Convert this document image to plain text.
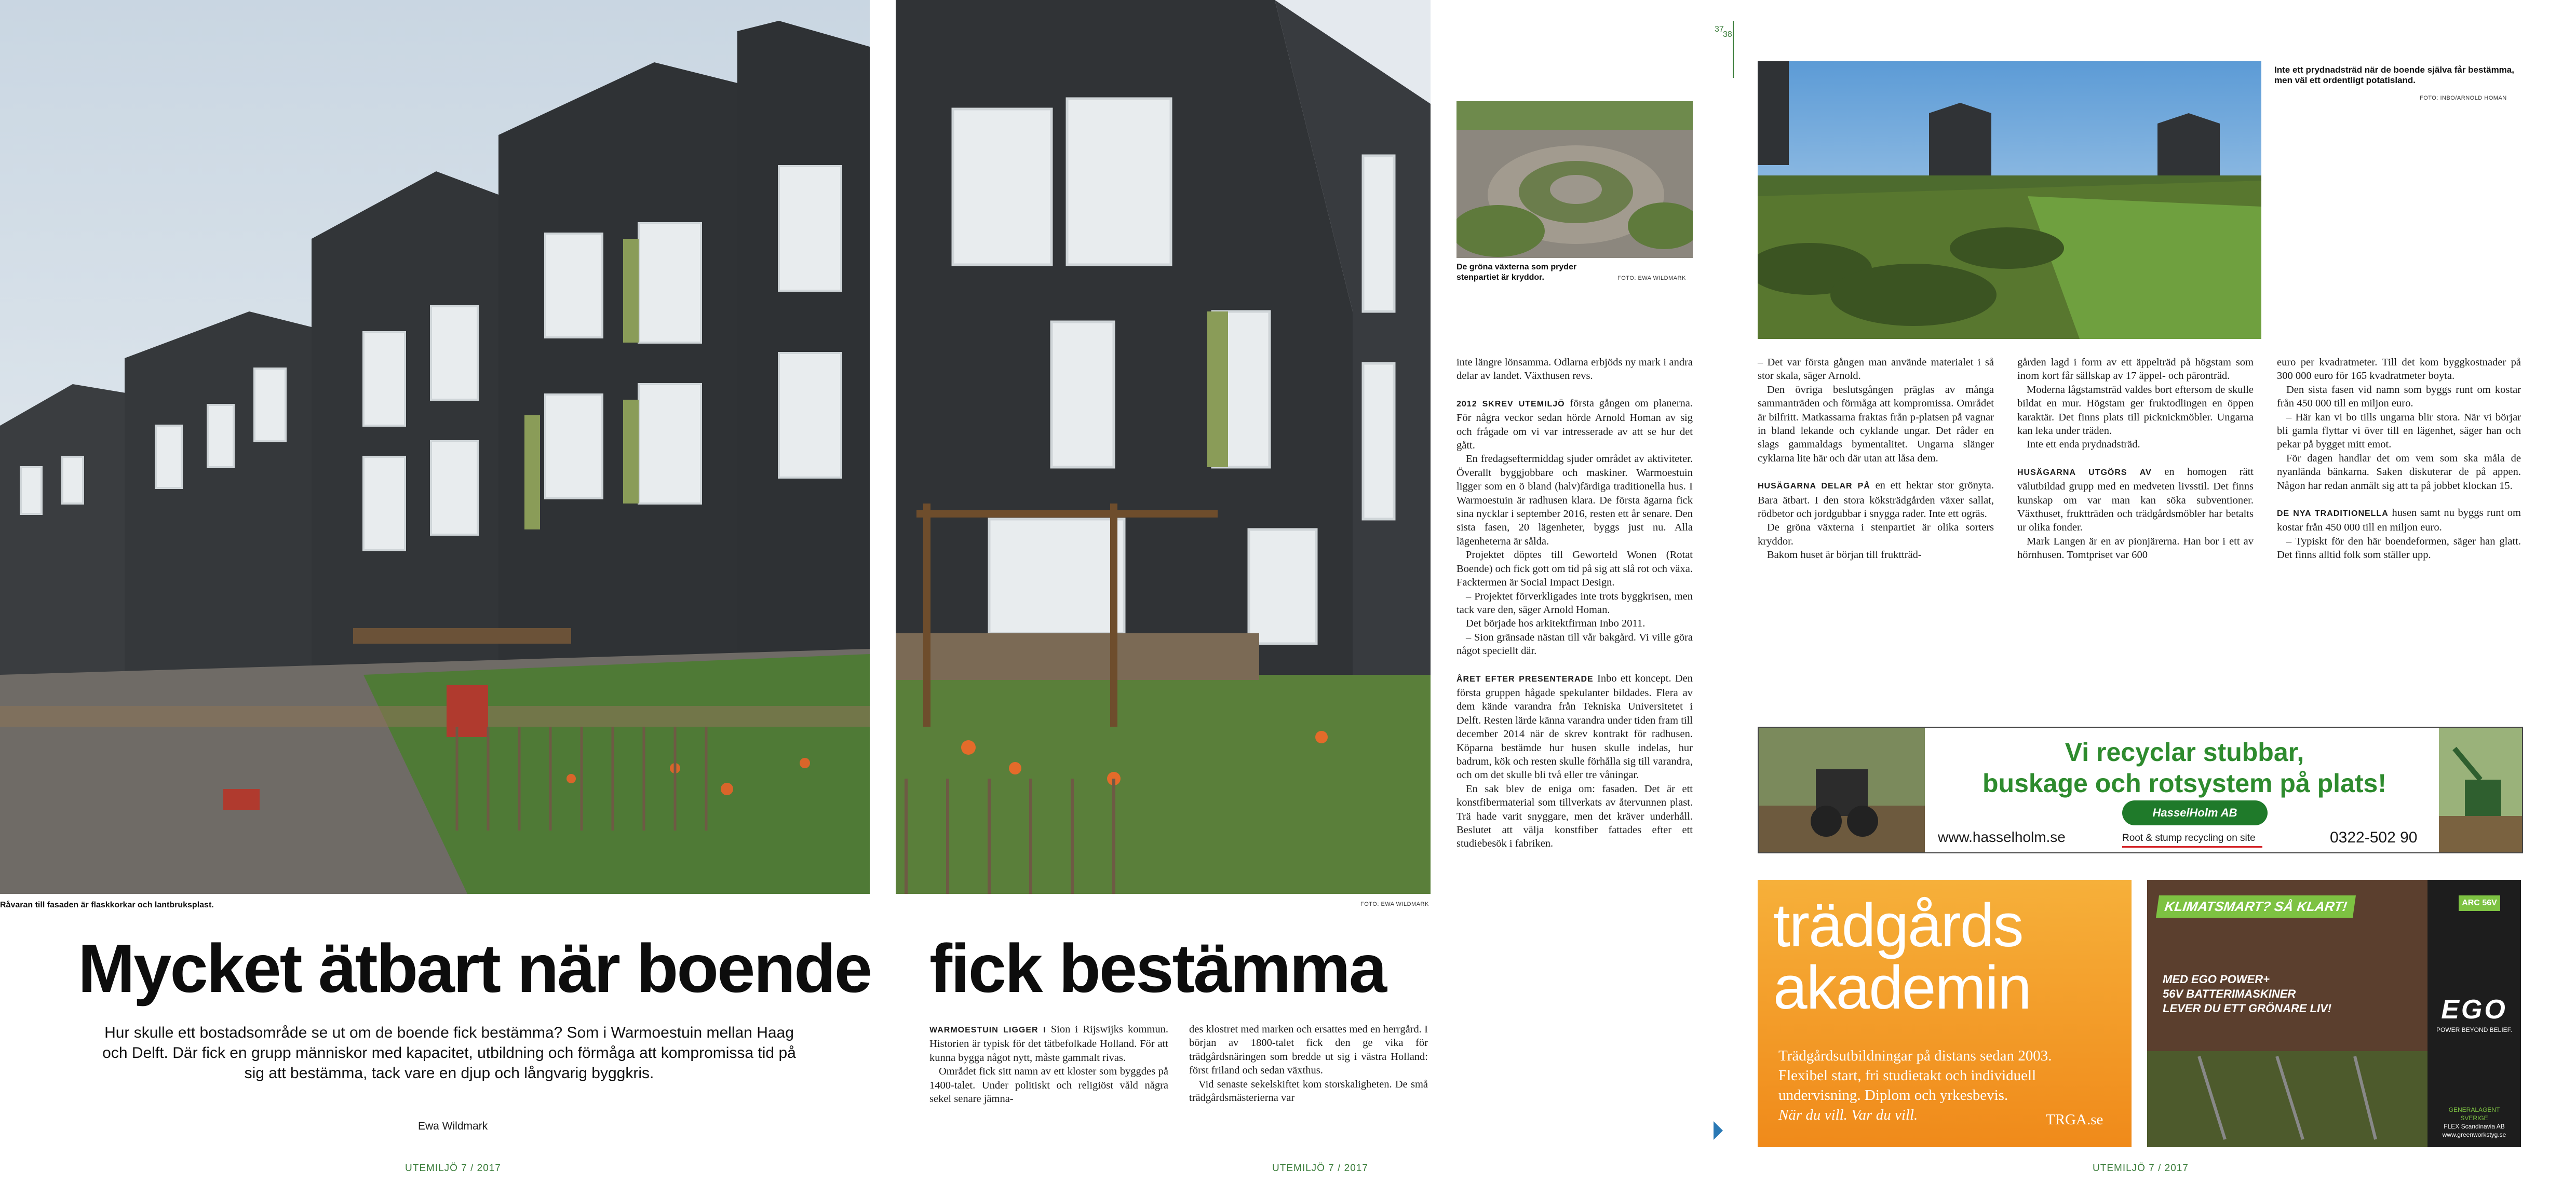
Råvaran till fasaden är flaskkorkar och lantbruksplast.	FOTO: EWA WILDMARK
Mycket ätbart när boende fick bestämma
Hur skulle ett bostadsområde se ut om de boende fick bestämma? Som i Warmoestuin mellan Haag och Delft. Där fick en grupp människor med kapacitet, utbildning och förmåga att kompromissa tid på sig att bestämma, tack vare en djup och långvarig byggkris.
Ewa Wildmark

WARMOESTUIN LIGGER I Sion i Rijswijks kommun. Historien är typisk för det tätbefolkade Holland. För att kunna bygga något nytt, måste gammalt rivas.

Området fick sitt namn av ett kloster som byggdes på 1400-talet. Under politiskt och religiöst våld några sekel senare jämna-

des klostret med marken och ersattes med en herrgård. I början av 1800-talet fick den ge vika för trädgårdsnäringen som bredde ut sig i västra Holland: först friland och sedan växthus.

Vid senaste sekelskiftet kom storskaligheten. De små trädgårdsmästerierna var

UTEMILJÖ 7 / 2017	UTEMILJÖ 7 / 2017
De gröna växterna som pryder stenpartiet är kryddor.	FOTO: EWA WILDMARK
37
38

inte längre lönsamma. Odlarna erbjöds ny mark i andra delar av landet. Växthusen revs.

2012 SKREV UTEMILJÖ första gången om planerna. För några veckor sedan hörde Arnold Homan av sig och frågade om vi var intresserade av att se hur det gått.

En fredagseftermiddag sjuder området av aktiviteter. Överallt byggjobbare och maskiner. Warmoestuin ligger som en ö bland (halv)färdiga traditionella hus. I Warmoestuin är radhusen klara. De första ägarna fick sina nycklar i september 2016, resten ett år senare. Den sista fasen, 20 lägenheter, byggs just nu. Alla lägenheterna är sålda.

Projektet döptes till Geworteld Wonen (Rotat Boende) och fick gott om tid på sig att slå rot och växa. Facktermen är Social Impact Design.

– Projektet förverkligades inte trots byggkrisen, men tack vare den, säger Arnold Homan.

Det började hos arkitektfirman Inbo 2011.

– Sion gränsade nästan till vår bakgård. Vi ville göra något speciellt där.

ÅRET EFTER PRESENTERADE Inbo ett koncept. Den första gruppen hågade spekulanter bildades. Flera av dem kände varandra från Tekniska Universitetet i Delft. Resten lärde känna varandra under tiden fram till december 2014 när de skrev kontrakt för radhusen. Köparna bestämde hur husen skulle indelas, hur badrum, kök och resten skulle förhålla sig till varandra, och om det skulle bli två eller tre våningar.

En sak blev de eniga om: fasaden. Det är ett konstfibermaterial som tillverkats av återvunnen plast. Trä hade varit snyggare, men det kräver underhåll. Beslutet att välja konstfiber fattades efter ett studiebesök i fabriken.

Inte ett prydnadsträd när de boende själva får bestämma, men väl ett ordentligt potatisland.
FOTO: INBO/ARNOLD HOMAN

– Det var första gången man använde materialet i så stor skala, säger Arnold.

Den övriga beslutsgången präglas av många sammanträden och förmåga att kompromissa. Området är bilfritt. Matkassarna fraktas från p-platsen på vagnar in bland lekande och cyklande ungar. Det råder en slags gammaldags bymentalitet. Ungarna slänger cyklarna lite här och där utan att låsa dem.

HUSÄGARNA DELAR PÅ en ett hektar stor grönyta. Bara ätbart. I den stora köksträdgården växer sallat, rödbetor och jordgubbar i snygga rader. Inte ett ogräs.

De gröna växterna i stenpartiet är olika sorters kryddor.

Bakom huset är början till fruktträd-

gården lagd i form av ett äppelträd på högstam som inom kort får sällskap av 17 äppel- och päronträd.

Moderna lågstamsträd valdes bort eftersom de skulle bildat en mur. Högstam ger fruktodlingen en öppen karaktär. Det finns plats till picknickmöbler. Ungarna kan leka under träden.

Inte ett enda prydnadsträd.

HUSÄGARNA UTGÖRS AV en homogen rätt välutbildad grupp med en medveten livsstil. Det finns kunskap om var man kan söka subventioner. Växthuset, fruktträden och trädgårdsmöbler har betalts ur olika fonder.

Mark Langen är en av pionjärerna. Han bor i ett av hörnhusen. Tomtpriset var 600

euro per kvadratmeter. Till det kom byggkostnader på 300 000 euro för 165 kvadratmeter boyta.

Den sista fasen vid namn som byggs runt om kostar från 450 000 till en miljon euro.

– Här kan vi bo tills ungarna blir stora. När vi börjar bli gamla flyttar vi över till en lägenhet, säger han och pekar på bygget mitt emot.

För dagen handlar det om vem som ska måla de nyanlända bänkarna. Saken diskuterar de på appen. Någon har redan anmält sig att ta på jobbet klockan 15.

DE NYA TRADITIONELLA husen samt nu byggs runt om kostar från 450 000 till en miljon euro.

– Typiskt för den här boendeformen, säger han glatt. Det finns alltid folk som ställer upp.

Vi recyclar stubbar,
buskage och rotsystem på plats!
HasselHolm AB
www.hasselholm.se	Root & stump recycling on site	0322-502 90
trädgårds
akademin
Trädgårdsutbildningar på distans sedan 2003.
Flexibel start, fri studietakt och individuell
undervisning. Diplom och yrkesbevis.
När du vill. Var du vill.	TRGA.se
KLIMATSMART? SÅ KLART!
MED EGO POWER+
56V BATTERIMASKINER
LEVER DU ETT GRÖNARE LIV!
ARC 56V
EGO
POWER BEYOND BELIEF.
GENERALAGENT SVERIGE
FLEX Scandinavia AB
www.greenworkstyg.se
UTEMILJÖ 7 / 2017
